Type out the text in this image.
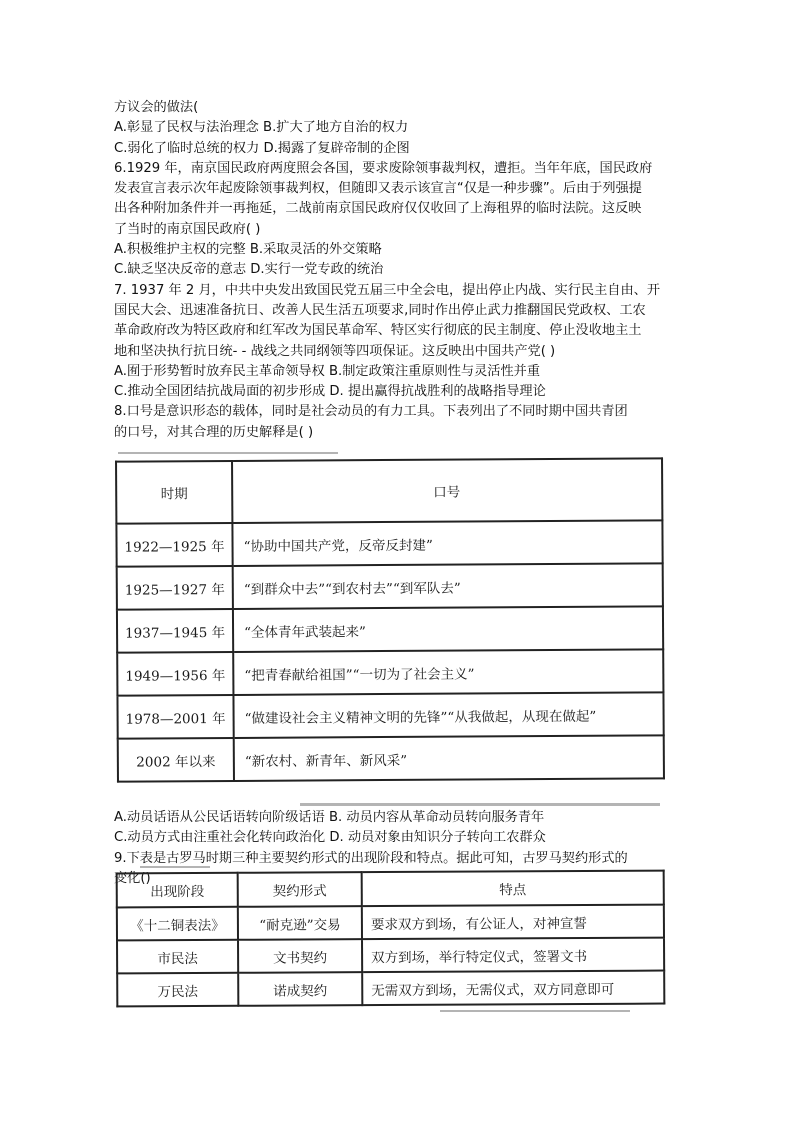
方议会的做法(
A.彰显了民权与法治理念 B.扩大了地方自治的权力
C.弱化了临时总统的权力 D.揭露了复辟帝制的企图
6.1929 年，南京国民政府两度照会各国，要求废除领事裁判权，遭拒。当年年底，国民政府
发表宣言表示次年起废除领事裁判权，但随即又表示该宣言“仅是一种步骤”。后由于列强提
出各种附加条件并一再拖延，二战前南京国民政府仅仅收回了上海租界的临时法院。这反映
了当时的南京国民政府( )
A.积极维护主权的完整 B.采取灵活的外交策略
C.缺乏坚决反帝的意志 D.实行一党专政的统治
7. 1937 年 2 月，中共中央发出致国民党五届三中全会电，提出停止内战、实行民主自由、开
国民大会、迅速准备抗日、改善人民生活五项要求,同时作出停止武力推翻国民党政权、工农
革命政府改为特区政府和红军改为国民革命军、特区实行彻底的民主制度、停止没收地主土
地和坚决执行抗日统- - 战线之共同纲领等四项保证。这反映出中国共产党( )
A.囿于形势暂时放弃民主革命领导权 B.制定政策注重原则性与灵活性并重
C.推动全国团结抗战局面的初步形成 D. 提出赢得抗战胜利的战略指导理论
8.口号是意识形态的载体，同时是社会动员的有力工具。下表列出了不同时期中国共青团
的口号，对其合理的历史解释是( )
时期	口号
1922—1925 年	“协助中国共产党，反帝反封建”
1925—1927 年	“到群众中去”“到农村去”“到军队去”
1937—1945 年	“全体青年武装起来”
1949—1956 年	“把青春献给祖国”“一切为了社会主义”
1978—2001 年	“做建设社会主义精神文明的先锋”“从我做起，从现在做起”
2002 年以来	“新农村、新青年、新风采”
A.动员话语从公民话语转向阶级话语 B. 动员内容从革命动员转向服务青年
C.动员方式由注重社会化转向政治化 D. 动员对象由知识分子转向工农群众
9.下表是古罗马时期三种主要契约形式的出现阶段和特点。据此可知，古罗马契约形式的
变化()
出现阶段	契约形式	特点
《十二铜表法》	“耐克逊”交易	要求双方到场，有公证人，对神宣誓
市民法	文书契约	双方到场，举行特定仪式，签署文书
万民法	诺成契约	无需双方到场，无需仪式，双方同意即可
